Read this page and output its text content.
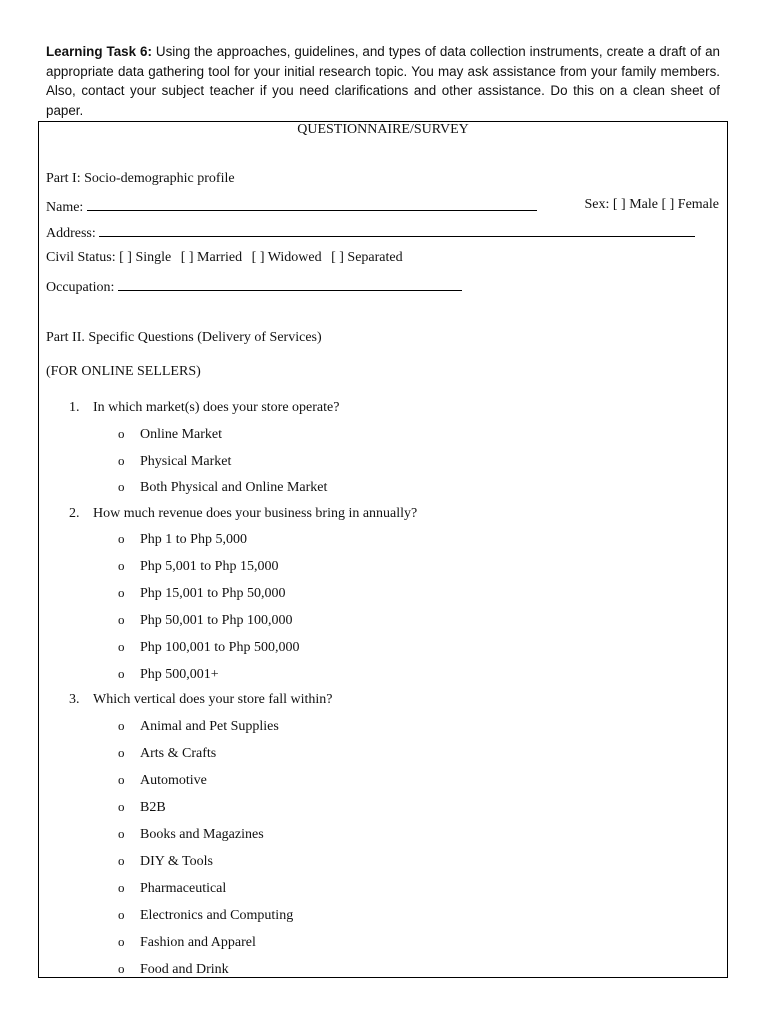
Learning Task 6: Using the approaches, guidelines, and types of data collection instruments, create a draft of an appropriate data gathering tool for your initial research topic. You may ask assistance from your family members. Also, contact your subject teacher if you need clarifications and other assistance. Do this on a clean sheet of paper.
QUESTIONNAIRE/SURVEY
Part I: Socio-demographic profile
Name:	Sex: [ ] Male [ ] Female
Address:
Civil Status: [ ] Single [ ] Married [ ] Widowed [ ] Separated
Occupation:
Part II. Specific Questions (Delivery of Services)
(FOR ONLINE SELLERS)
1. In which market(s) does your store operate?
o Online Market
o Physical Market
o Both Physical and Online Market
2. How much revenue does your business bring in annually?
o Php 1 to Php 5,000
o Php 5,001 to Php 15,000
o Php 15,001 to Php 50,000
o Php 50,001 to Php 100,000
o Php 100,001 to Php 500,000
o Php 500,001+
3. Which vertical does your store fall within?
o Animal and Pet Supplies
o Arts & Crafts
o Automotive
o B2B
o Books and Magazines
o DIY & Tools
o Pharmaceutical
o Electronics and Computing
o Fashion and Apparel
o Food and Drink
